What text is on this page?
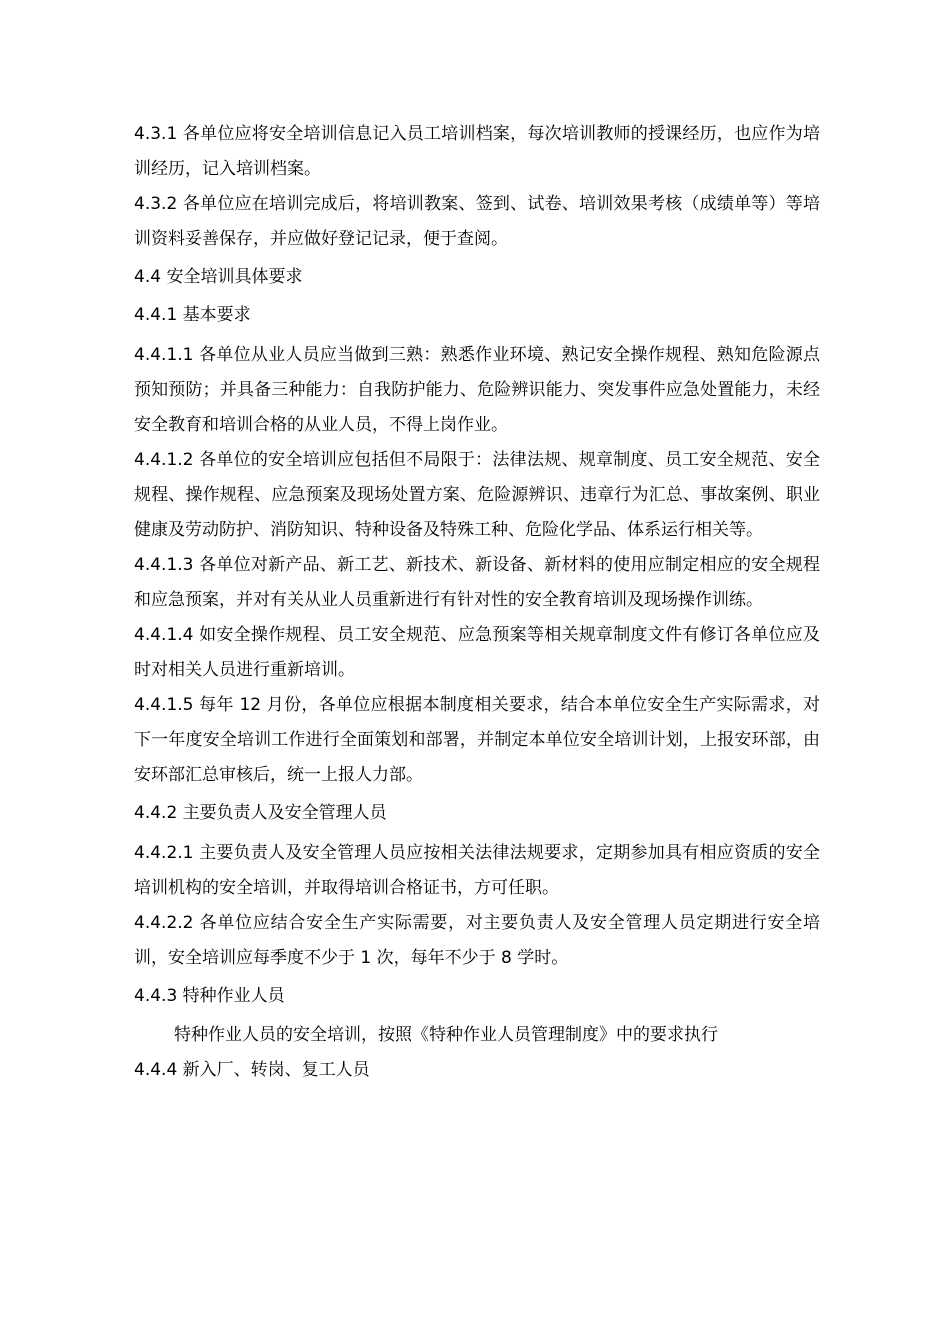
4.3.1 各单位应将安全培训信息记入员工培训档案，每次培训教师的授课经历，也应作为培训经历，记入培训档案。

4.3.2 各单位应在培训完成后，将培训教案、签到、试卷、培训效果考核（成绩单等）等培训资料妥善保存，并应做好登记记录，便于查阅。

4.4 安全培训具体要求

4.4.1 基本要求

4.4.1.1 各单位从业人员应当做到三熟：熟悉作业环境、熟记安全操作规程、熟知危险源点预知预防；并具备三种能力：自我防护能力、危险辨识能力、突发事件应急处置能力，未经安全教育和培训合格的从业人员，不得上岗作业。

4.4.1.2 各单位的安全培训应包括但不局限于：法律法规、规章制度、员工安全规范、安全规程、操作规程、应急预案及现场处置方案、危险源辨识、违章行为汇总、事故案例、职业健康及劳动防护、消防知识、特种设备及特殊工种、危险化学品、体系运行相关等。

4.4.1.3 各单位对新产品、新工艺、新技术、新设备、新材料的使用应制定相应的安全规程和应急预案，并对有关从业人员重新进行有针对性的安全教育培训及现场操作训练。

4.4.1.4 如安全操作规程、员工安全规范、应急预案等相关规章制度文件有修订各单位应及时对相关人员进行重新培训。

4.4.1.5 每年 12 月份，各单位应根据本制度相关要求，结合本单位安全生产实际需求，对下一年度安全培训工作进行全面策划和部署，并制定本单位安全培训计划，上报安环部，由安环部汇总审核后，统一上报人力部。

4.4.2 主要负责人及安全管理人员

4.4.2.1 主要负责人及安全管理人员应按相关法律法规要求，定期参加具有相应资质的安全培训机构的安全培训，并取得培训合格证书，方可任职。

4.4.2.2 各单位应结合安全生产实际需要，对主要负责人及安全管理人员定期进行安全培训，安全培训应每季度不少于 1 次，每年不少于 8 学时。

4.4.3 特种作业人员

特种作业人员的安全培训，按照《特种作业人员管理制度》中的要求执行

4.4.4 新入厂、转岗、复工人员
